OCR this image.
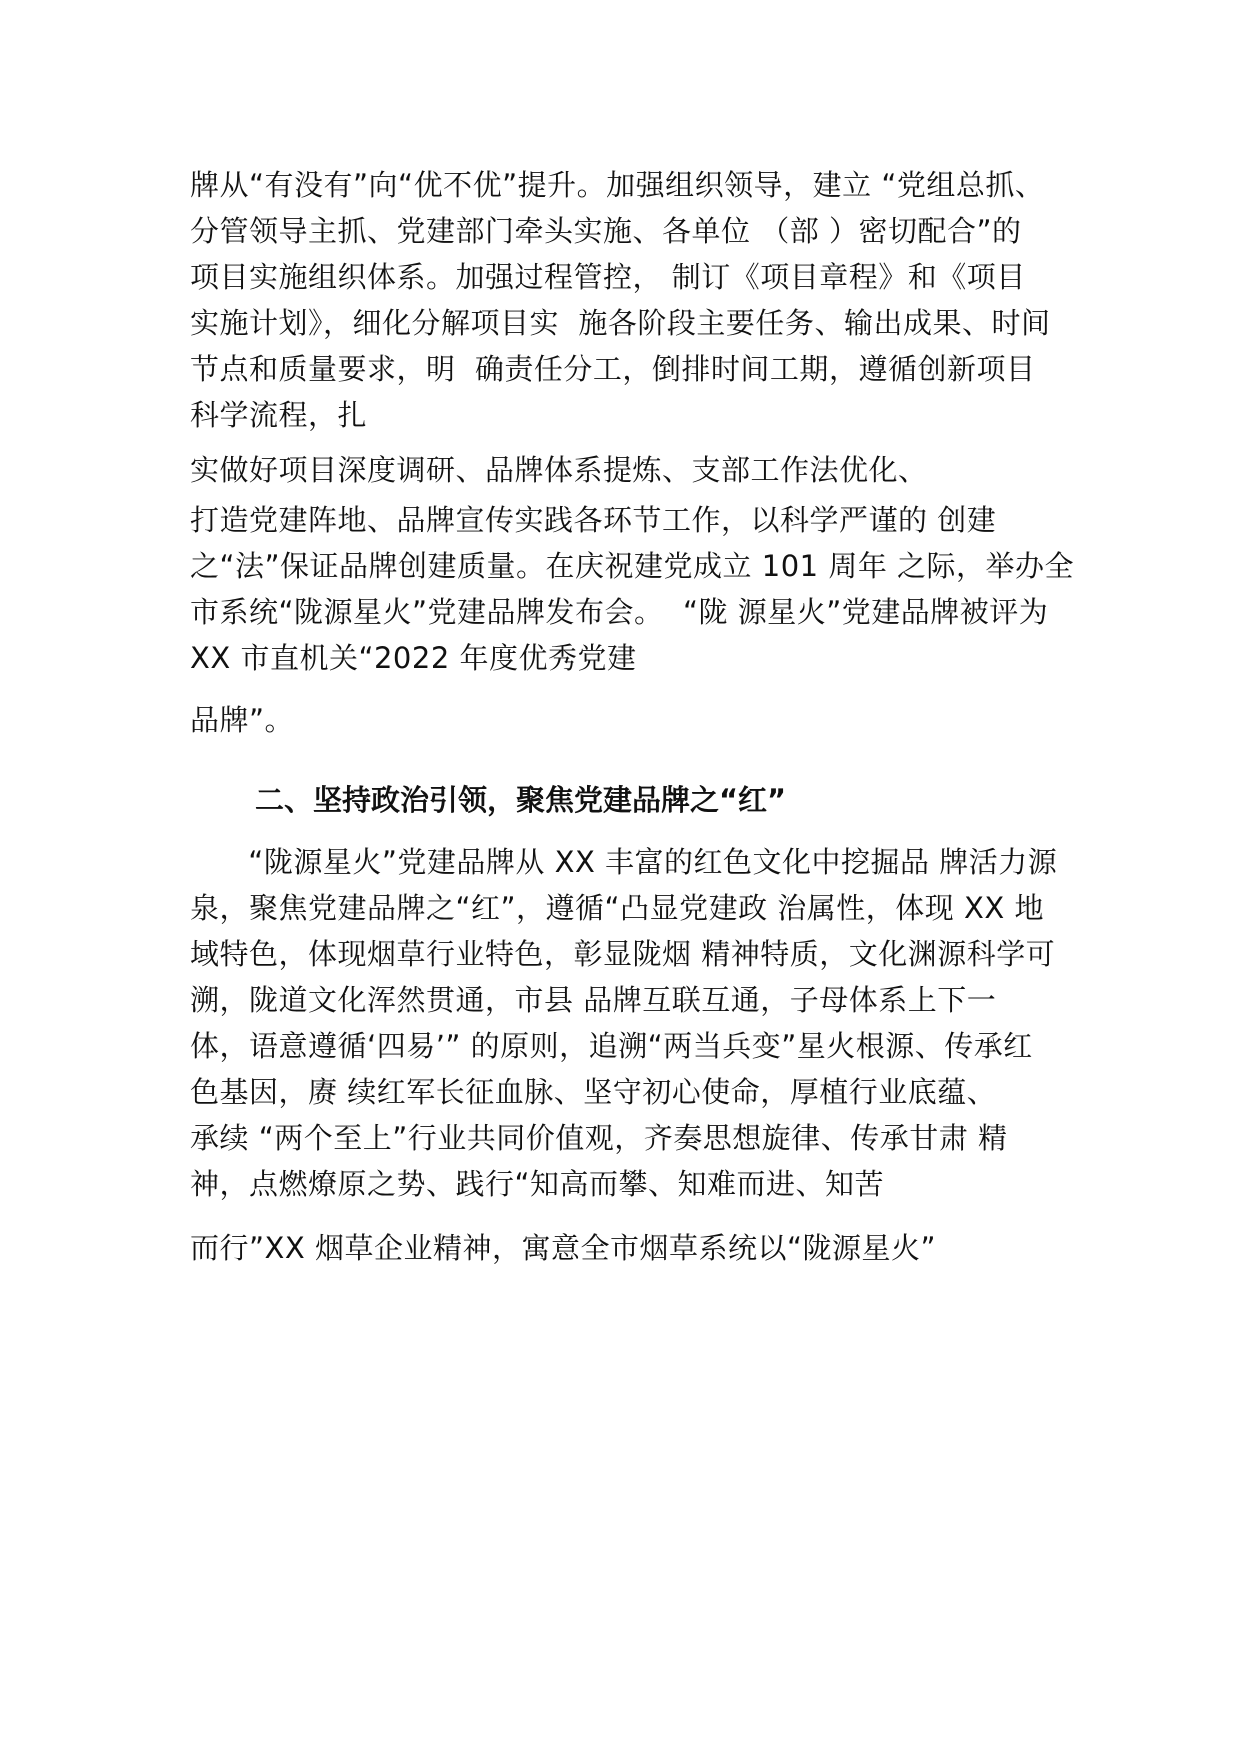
牌从“有没有”向“优不优”提升。加强组织领导，建立 “党组总抓、
分管领导主抓、党建部门牵头实施、各单位 （部 ）密切配合”的
项目实施组织体系。加强过程管控， 制订《项目章程》和《项目
实施计划》，细化分解项目实  施各阶段主要任务、输出成果、时间
节点和质量要求，明  确责任分工，倒排时间工期，遵循创新项目
科学流程，扎
实做好项目深度调研、品牌体系提炼、支部工作法优化、
打造党建阵地、品牌宣传实践各环节工作，以科学严谨的 创建
之“法”保证品牌创建质量。在庆祝建党成立 101 周年 之际，举办全
市系统“陇源星火”党建品牌发布会。  “陇 源星火”党建品牌被评为
XX 市直机关“2022 年度优秀党建
品牌”。
二、坚持政治引领，聚焦党建品牌之“红”
“陇源星火”党建品牌从 XX 丰富的红色文化中挖掘品 牌活力源
泉，聚焦党建品牌之“红”，遵循“凸显党建政 治属性，体现 XX 地
域特色，体现烟草行业特色，彰显陇烟 精神特质，文化渊源科学可
溯，陇道文化浑然贯通，市县 品牌互联互通，子母体系上下一
体，语意遵循‘四易’” 的原则，追溯“两当兵变”星火根源、传承红
色基因，赓 续红军长征血脉、坚守初心使命，厚植行业底蕴、
承续 “两个至上”行业共同价值观，齐奏思想旋律、传承甘肃 精
神，点燃燎原之势、践行“知高而攀、知难而进、知苦
而行”XX 烟草企业精神，寓意全市烟草系统以“陇源星火”
